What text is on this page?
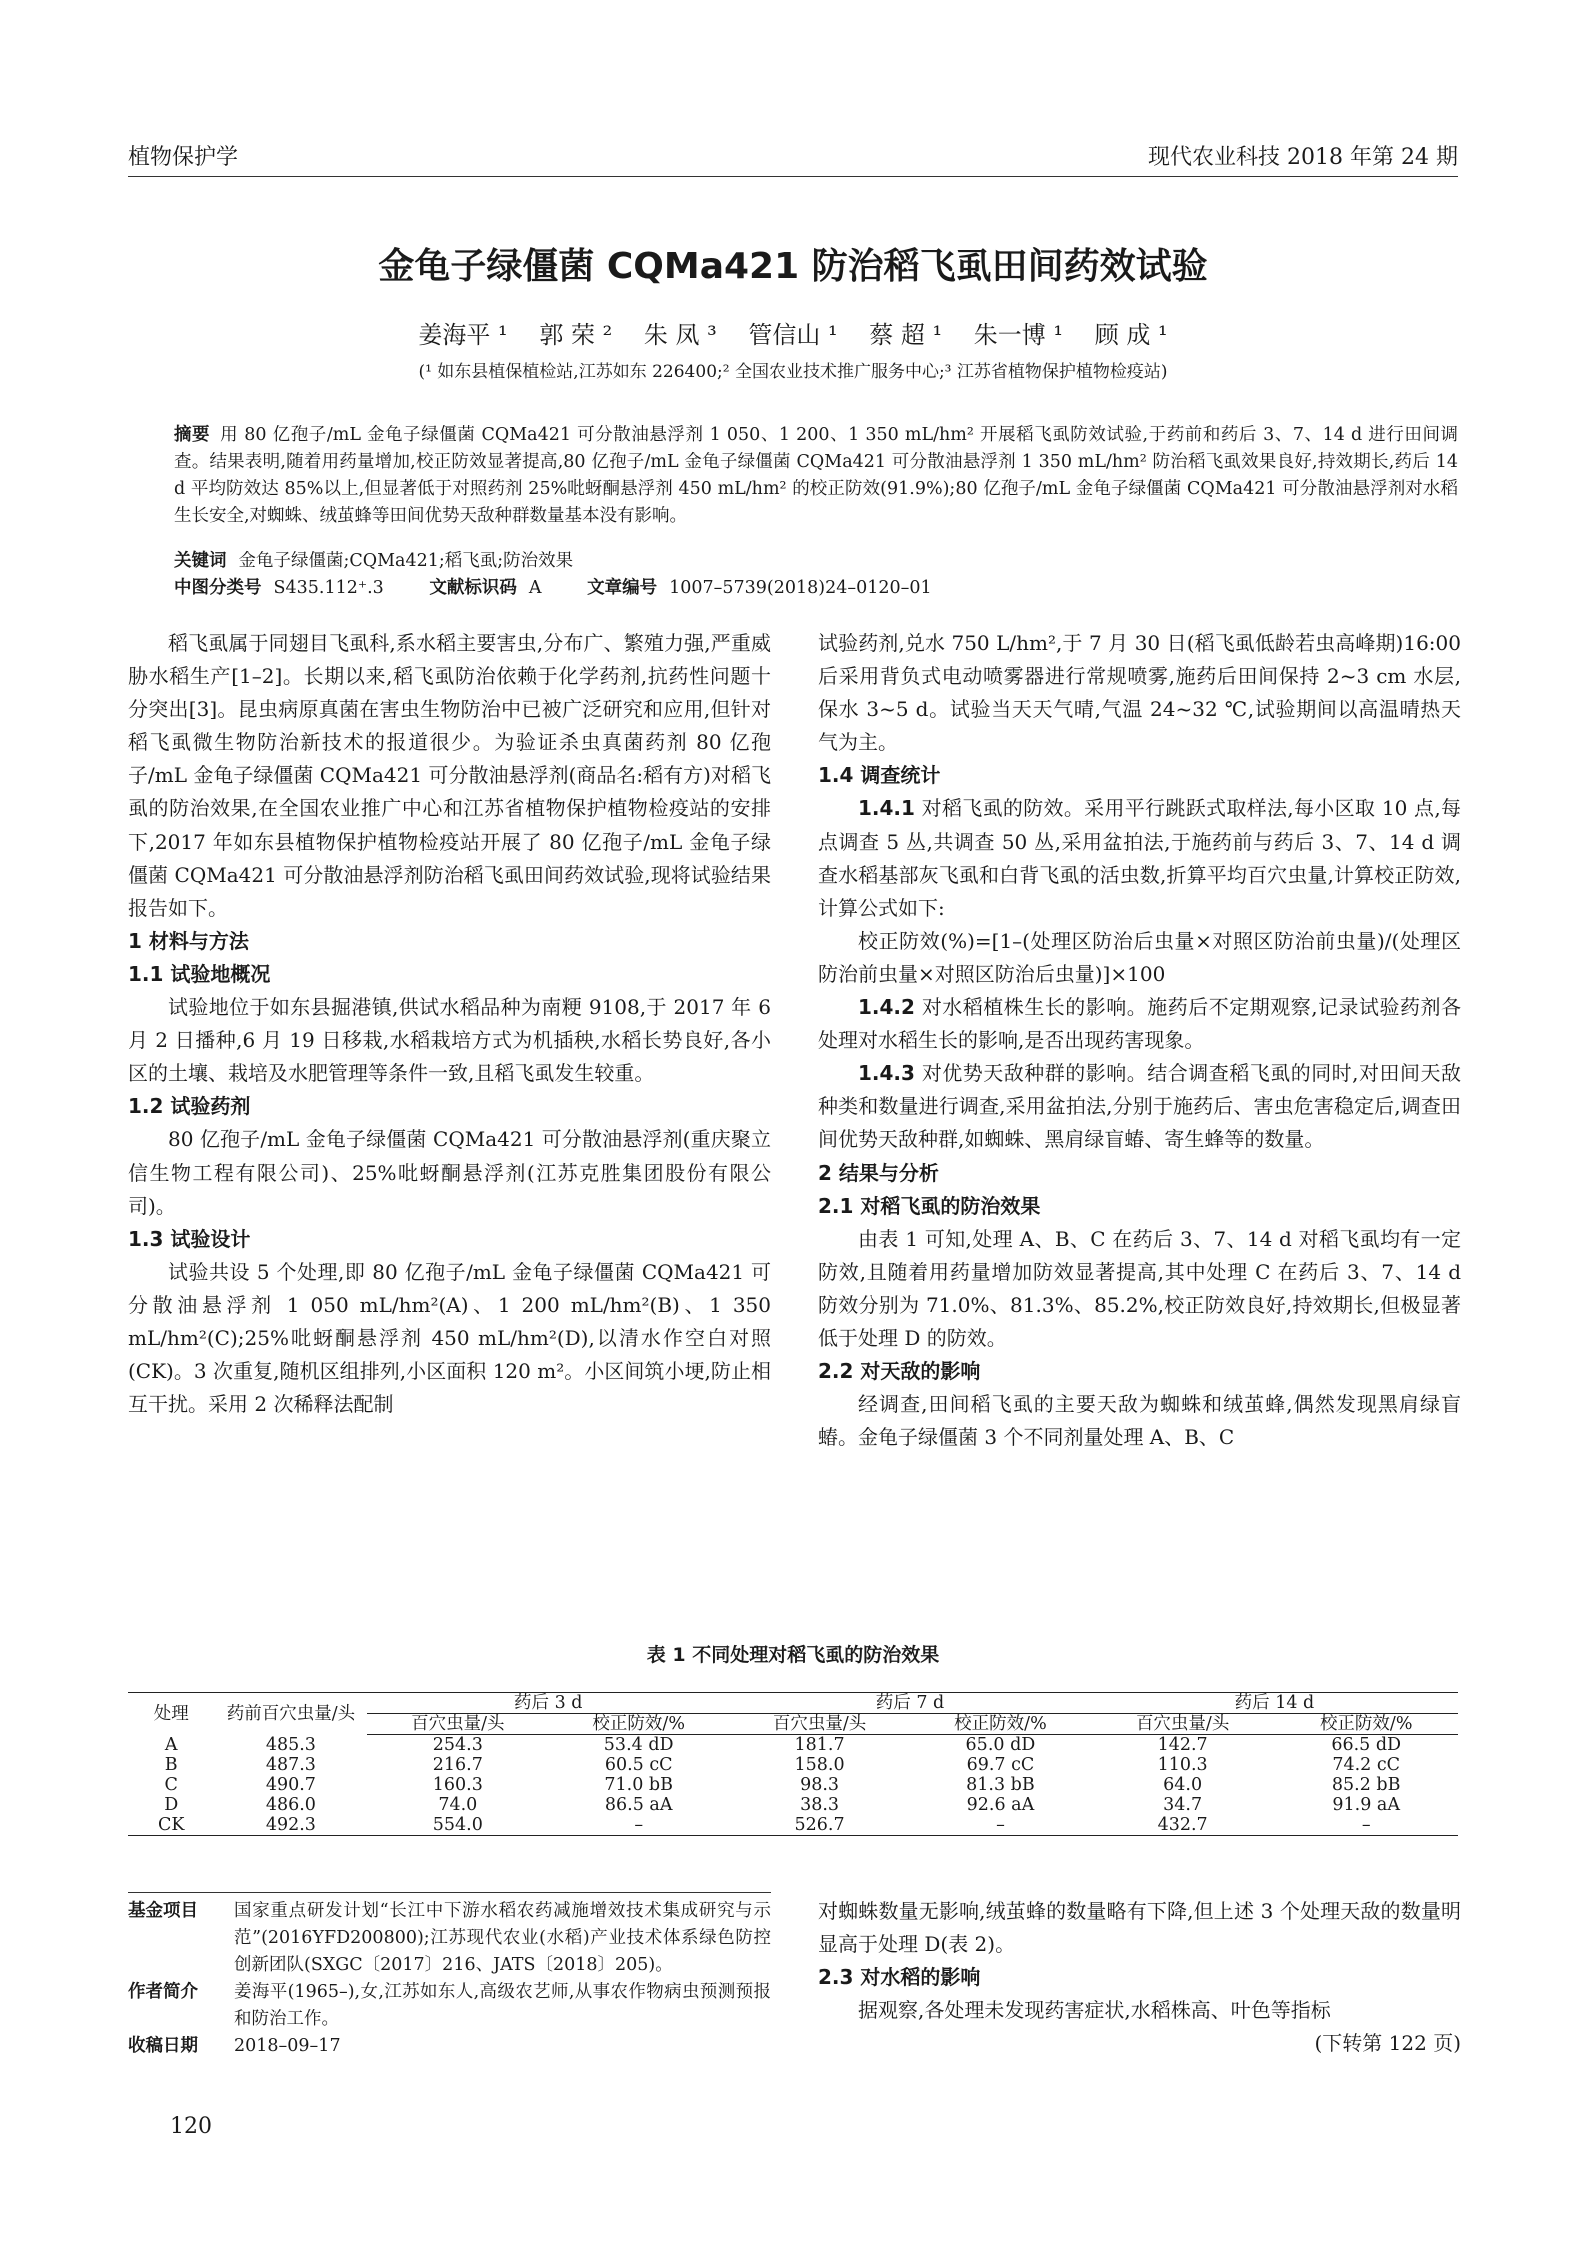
植物保护学	现代农业科技 2018 年第 24 期
金龟子绿僵菌 CQMa421 防治稻飞虱田间药效试验
姜海平 ¹ 郭 荣 ² 朱 凤 ³ 管信山 ¹ 蔡 超 ¹ 朱一博 ¹ 顾 成 ¹
(¹ 如东县植保植检站,江苏如东 226400;² 全国农业技术推广服务中心;³ 江苏省植物保护植物检疫站)
摘要 用 80 亿孢子/mL 金龟子绿僵菌 CQMa421 可分散油悬浮剂 1 050、1 200、1 350 mL/hm² 开展稻飞虱防效试验,于药前和药后 3、7、14 d 进行田间调查。结果表明,随着用药量增加,校正防效显著提高,80 亿孢子/mL 金龟子绿僵菌 CQMa421 可分散油悬浮剂 1 350 mL/hm² 防治稻飞虱效果良好,持效期长,药后 14 d 平均防效达 85%以上,但显著低于对照药剂 25%吡蚜酮悬浮剂 450 mL/hm² 的校正防效(91.9%);80 亿孢子/mL 金龟子绿僵菌 CQMa421 可分散油悬浮剂对水稻生长安全,对蜘蛛、绒茧蜂等田间优势天敌种群数量基本没有影响。
关键词 金龟子绿僵菌;CQMa421;稻飞虱;防治效果
中图分类号 S435.112⁺.3	文献标识码 A	文章编号 1007–5739(2018)24–0120–01

稻飞虱属于同翅目飞虱科,系水稻主要害虫,分布广、繁殖力强,严重威胁水稻生产[1–2]。长期以来,稻飞虱防治依赖于化学药剂,抗药性问题十分突出[3]。昆虫病原真菌在害虫生物防治中已被广泛研究和应用,但针对稻飞虱微生物防治新技术的报道很少。为验证杀虫真菌药剂 80 亿孢子/mL 金龟子绿僵菌 CQMa421 可分散油悬浮剂(商品名:稻有方)对稻飞虱的防治效果,在全国农业推广中心和江苏省植物保护植物检疫站的安排下,2017 年如东县植物保护植物检疫站开展了 80 亿孢子/mL 金龟子绿僵菌 CQMa421 可分散油悬浮剂防治稻飞虱田间药效试验,现将试验结果报告如下。

1 材料与方法
1.1 试验地概况

试验地位于如东县掘港镇,供试水稻品种为南粳 9108,于 2017 年 6 月 2 日播种,6 月 19 日移栽,水稻栽培方式为机插秧,水稻长势良好,各小区的土壤、栽培及水肥管理等条件一致,且稻飞虱发生较重。

1.2 试验药剂

80 亿孢子/mL 金龟子绿僵菌 CQMa421 可分散油悬浮剂(重庆聚立信生物工程有限公司)、25%吡蚜酮悬浮剂(江苏克胜集团股份有限公司)。

1.3 试验设计

试验共设 5 个处理,即 80 亿孢子/mL 金龟子绿僵菌 CQMa421 可分散油悬浮剂 1 050 mL/hm²(A)、1 200 mL/hm²(B)、1 350 mL/hm²(C);25%吡蚜酮悬浮剂 450 mL/hm²(D),以清水作空白对照(CK)。3 次重复,随机区组排列,小区面积 120 m²。小区间筑小埂,防止相互干扰。采用 2 次稀释法配制

试验药剂,兑水 750 L/hm²,于 7 月 30 日(稻飞虱低龄若虫高峰期)16:00 后采用背负式电动喷雾器进行常规喷雾,施药后田间保持 2~3 cm 水层,保水 3~5 d。试验当天天气晴,气温 24~32 ℃,试验期间以高温晴热天气为主。

1.4 调查统计

1.4.1 对稻飞虱的防效。采用平行跳跃式取样法,每小区取 10 点,每点调查 5 丛,共调查 50 丛,采用盆拍法,于施药前与药后 3、7、14 d 调查水稻基部灰飞虱和白背飞虱的活虫数,折算平均百穴虫量,计算校正防效,计算公式如下:

校正防效(%)=[1–(处理区防治后虫量×对照区防治前虫量)/(处理区防治前虫量×对照区防治后虫量)]×100

1.4.2 对水稻植株生长的影响。施药后不定期观察,记录试验药剂各处理对水稻生长的影响,是否出现药害现象。

1.4.3 对优势天敌种群的影响。结合调查稻飞虱的同时,对田间天敌种类和数量进行调查,采用盆拍法,分别于施药后、害虫危害稳定后,调查田间优势天敌种群,如蜘蛛、黑肩绿盲蝽、寄生蜂等的数量。

2 结果与分析
2.1 对稻飞虱的防治效果

由表 1 可知,处理 A、B、C 在药后 3、7、14 d 对稻飞虱均有一定防效,且随着用药量增加防效显著提高,其中处理 C 在药后 3、7、14 d 防效分别为 71.0%、81.3%、85.2%,校正防效良好,持效期长,但极显著低于处理 D 的防效。

2.2 对天敌的影响

经调查,田间稻飞虱的主要天敌为蜘蛛和绒茧蜂,偶然发现黑肩绿盲蝽。金龟子绿僵菌 3 个不同剂量处理 A、B、C

表 1 不同处理对稻飞虱的防治效果
处理	药前百穴虫量/头	药后 3 d		药后 7 d		药后 14 d	
		百穴虫量/头	校正防效/%	百穴虫量/头	校正防效/%	百穴虫量/头	校正防效/%
A	485.3	254.3	53.4 dD	181.7	65.0 dD	142.7	66.5 dD
B	487.3	216.7	60.5 cC	158.0	69.7 cC	110.3	74.2 cC
C	490.7	160.3	71.0 bB	98.3	81.3 bB	64.0	85.2 bB
D	486.0	74.0	86.5 aA	38.3	92.6 aA	34.7	91.9 aA
CK	492.3	554.0	–	526.7	–	432.7	–
基金项目	国家重点研发计划“长江中下游水稻农药减施增效技术集成研究与示范”(2016YFD200800);江苏现代农业(水稻)产业技术体系绿色防控创新团队(SXGC〔2017〕216、JATS〔2018〕205)。
作者简介	姜海平(1965–),女,江苏如东人,高级农艺师,从事农作物病虫预测预报和防治工作。
收稿日期	2018–09–17

对蜘蛛数量无影响,绒茧蜂的数量略有下降,但上述 3 个处理天敌的数量明显高于处理 D(表 2)。

2.3 对水稻的影响

据观察,各处理未发现药害症状,水稻株高、叶色等指标

(下转第 122 页)

120
